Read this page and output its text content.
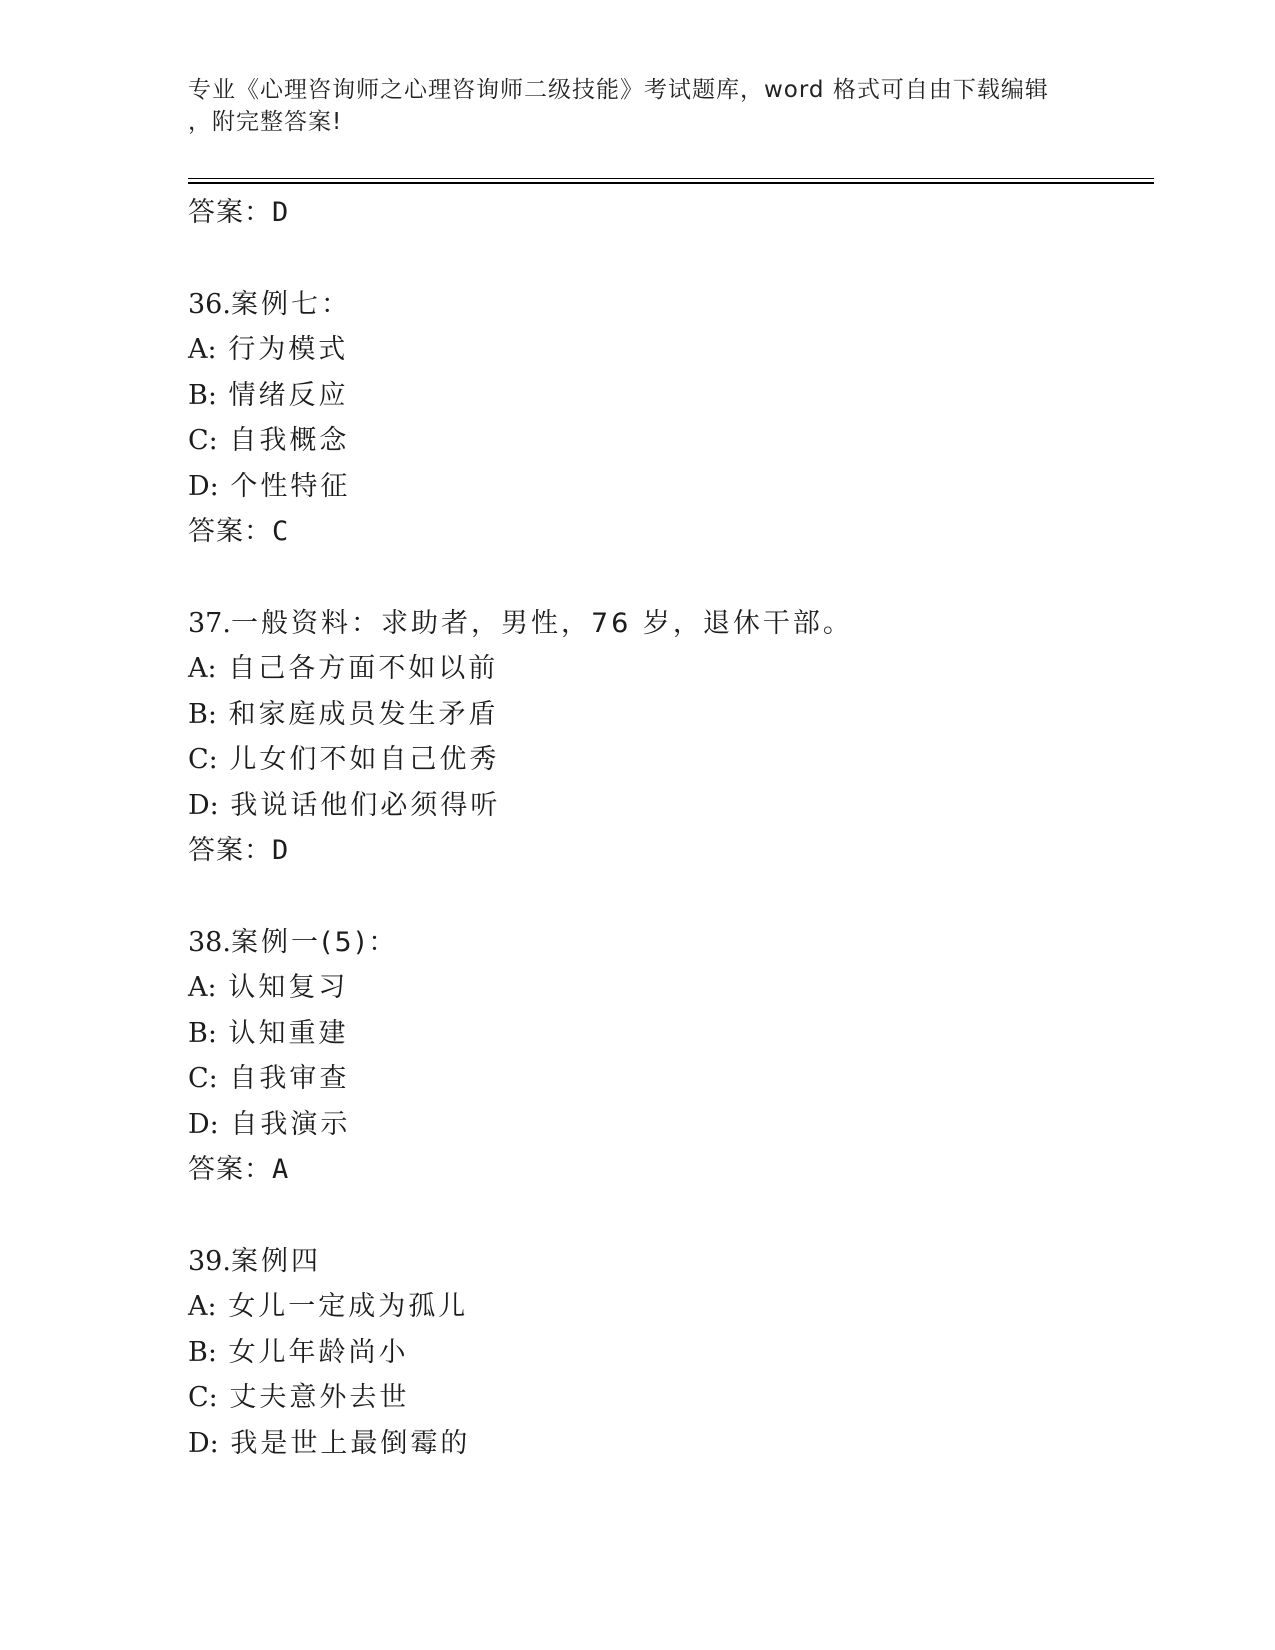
专业《心理咨询师之心理咨询师二级技能》考试题库，word 格式可自由下载编辑
，附完整答案!
答案：D
36.案例七：
A: 行为模式
B: 情绪反应
C: 自我概念
D: 个性特征
答案：C
37.一般资料：求助者，男性，76 岁，退休干部。
A: 自己各方面不如以前
B: 和家庭成员发生矛盾
C: 儿女们不如自己优秀
D: 我说话他们必须得听
答案：D
38.案例一(5)：
A: 认知复习
B: 认知重建
C: 自我审查
D: 自我演示
答案：A
39.案例四
A: 女儿一定成为孤儿
B: 女儿年龄尚小
C: 丈夫意外去世
D: 我是世上最倒霉的
